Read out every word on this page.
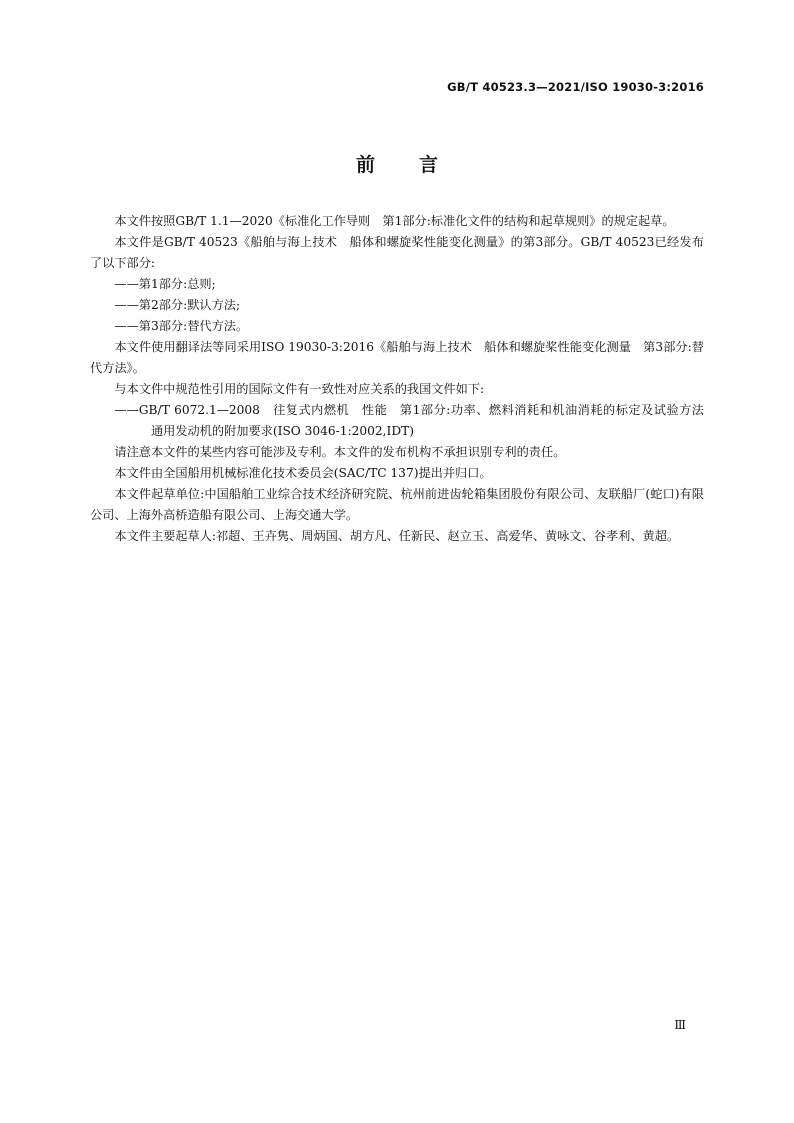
GB/T 40523.3—2021/ISO 19030-3:2016
前言

本文件按照GB/T 1.1—2020《标准化工作导则　第1部分:标准化文件的结构和起草规则》的规定起草。

本文件是GB/T 40523《船舶与海上技术　船体和螺旋桨性能变化测量》的第3部分。GB/T 40523已经发布了以下部分:

——第1部分:总则;

——第2部分:默认方法;

——第3部分:替代方法。

本文件使用翻译法等同采用ISO 19030-3:2016《船舶与海上技术　船体和螺旋桨性能变化测量　第3部分:替代方法》。

与本文件中规范性引用的国际文件有一致性对应关系的我国文件如下:

——GB/T 6072.1—2008　往复式内燃机　性能　第1部分:功率、燃料消耗和机油消耗的标定及试验方法　通用发动机的附加要求(ISO 3046-1:2002,IDT)

请注意本文件的某些内容可能涉及专利。本文件的发布机构不承担识别专利的责任。

本文件由全国船用机械标准化技术委员会(SAC/TC 137)提出并归口。

本文件起草单位:中国船舶工业综合技术经济研究院、杭州前进齿轮箱集团股份有限公司、友联船厂(蛇口)有限公司、上海外高桥造船有限公司、上海交通大学。

本文件主要起草人:祁超、王卉隽、周炳国、胡方凡、任新民、赵立玉、高爱华、黄咏文、谷孝利、黄超。

Ⅲ
